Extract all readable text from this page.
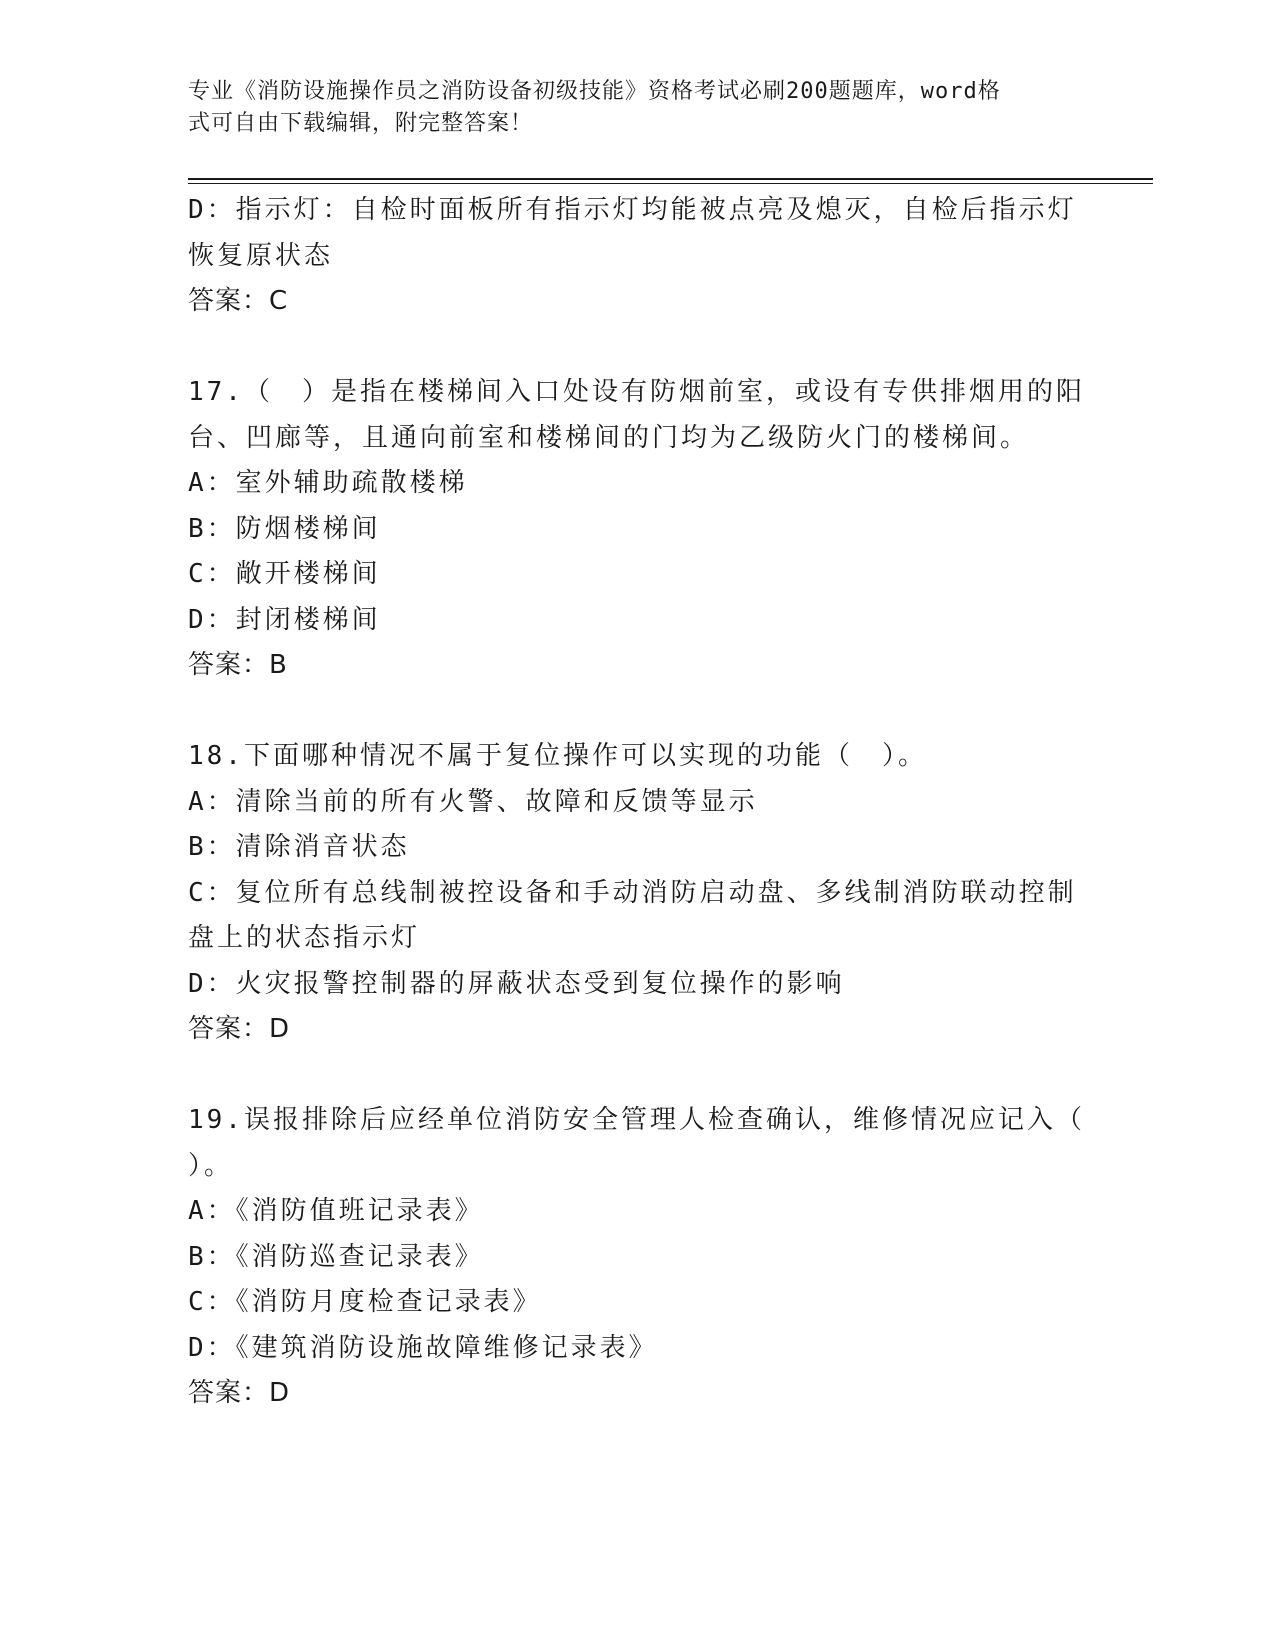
专业《消防设施操作员之消防设备初级技能》资格考试必刷200题题库，word格
式可自由下载编辑，附完整答案！
D：指示灯：自检时面板所有指示灯均能被点亮及熄灭，自检后指示灯
恢复原状态
答案：C
17.（　）是指在楼梯间入口处设有防烟前室，或设有专供排烟用的阳
台、凹廊等，且通向前室和楼梯间的门均为乙级防火门的楼梯间。
A：室外辅助疏散楼梯
B：防烟楼梯间
C：敞开楼梯间
D：封闭楼梯间
答案：B
18.下面哪种情况不属于复位操作可以实现的功能（　）。
A：清除当前的所有火警、故障和反馈等显示
B：清除消音状态
C：复位所有总线制被控设备和手动消防启动盘、多线制消防联动控制
盘上的状态指示灯
D：火灾报警控制器的屏蔽状态受到复位操作的影响
答案：D
19.误报排除后应经单位消防安全管理人检查确认，维修情况应记入（
）。
A：《消防值班记录表》
B：《消防巡查记录表》
C：《消防月度检查记录表》
D：《建筑消防设施故障维修记录表》
答案：D
